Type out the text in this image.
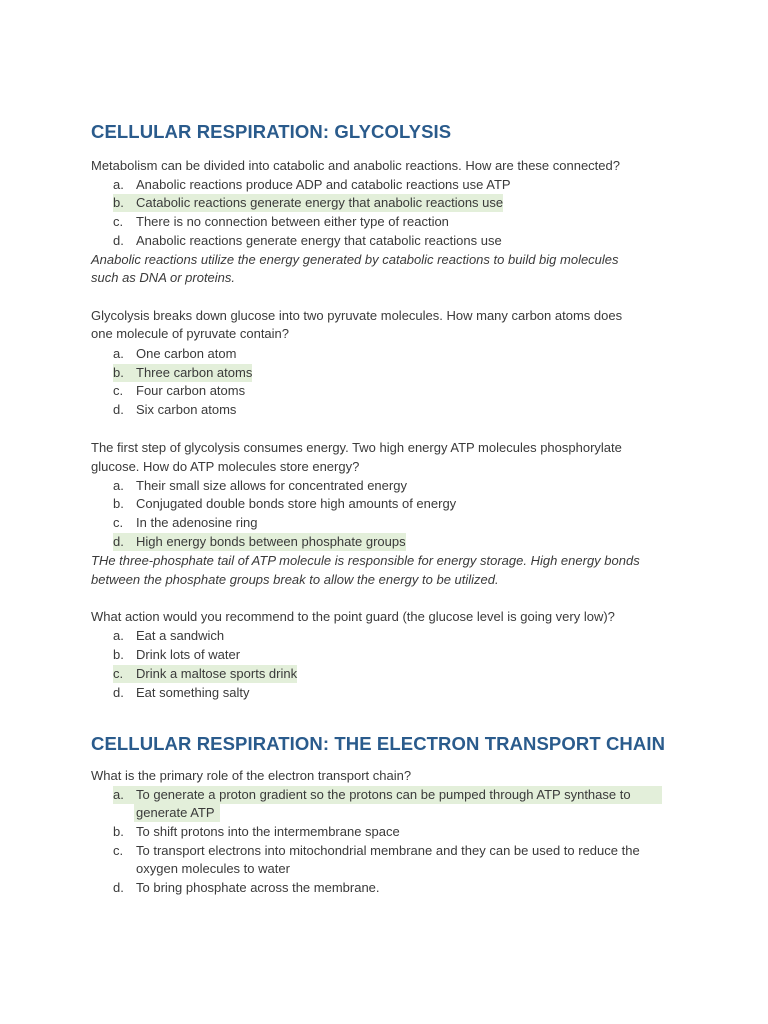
CELLULAR RESPIRATION: GLYCOLYSIS
Metabolism can be divided into catabolic and anabolic reactions. How are these connected?
a. Anabolic reactions produce ADP and catabolic reactions use ATP
b. Catabolic reactions generate energy that anabolic reactions use
c. There is no connection between either type of reaction
d. Anabolic reactions generate energy that catabolic reactions use
Anabolic reactions utilize the energy generated by catabolic reactions to build big molecules
such as DNA or proteins.
Glycolysis breaks down glucose into two pyruvate molecules. How many carbon atoms does
one molecule of pyruvate contain?
a. One carbon atom
b. Three carbon atoms
c. Four carbon atoms
d. Six carbon atoms
The first step of glycolysis consumes energy. Two high energy ATP molecules phosphorylate
glucose. How do ATP molecules store energy?
a. Their small size allows for concentrated energy
b. Conjugated double bonds store high amounts of energy
c. In the adenosine ring
d. High energy bonds between phosphate groups
THe three-phosphate tail of ATP molecule is responsible for energy storage. High energy bonds
between the phosphate groups break to allow the energy to be utilized.
What action would you recommend to the point guard (the glucose level is going very low)?
a. Eat a sandwich
b. Drink lots of water
c. Drink a maltose sports drink
d. Eat something salty
CELLULAR RESPIRATION: THE ELECTRON TRANSPORT CHAIN
What is the primary role of the electron transport chain?
a. To generate a proton gradient so the protons can be pumped through ATP synthase to
generate ATP
b. To shift protons into the intermembrane space
c. To transport electrons into mitochondrial membrane and they can be used to reduce the
oxygen molecules to water
d. To bring phosphate across the membrane.
